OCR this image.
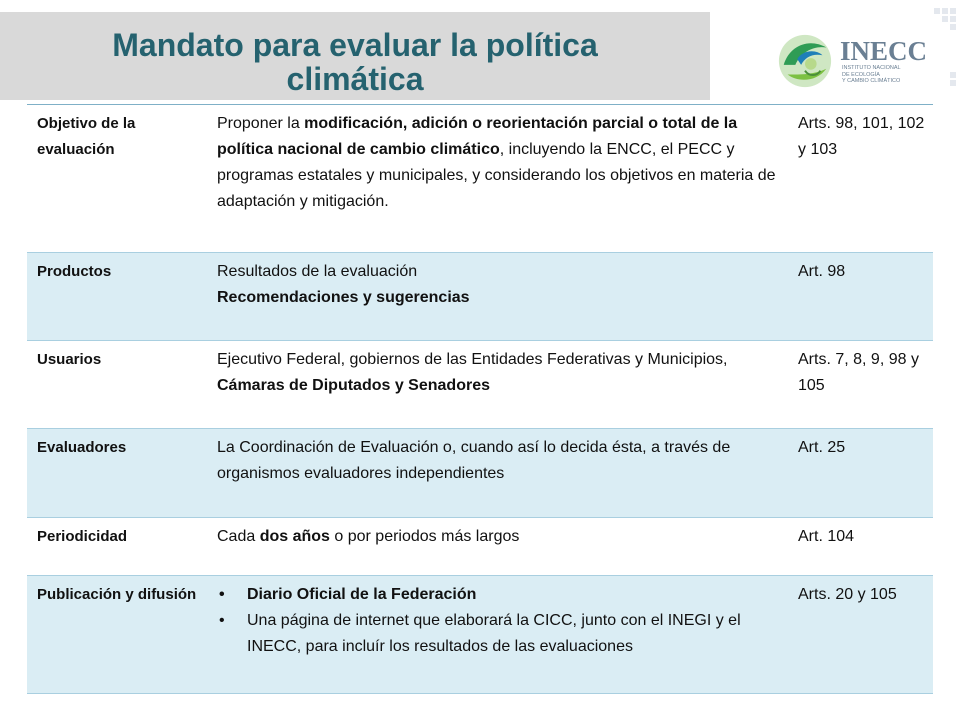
Mandato para evaluar la política
climática
INECC
INSTITUTO NACIONAL
DE ECOLOGÍA
Y CAMBIO CLIMÁTICO
Objetivo de la evaluación
Proponer la modificación, adición o reorientación parcial o total de la política nacional de cambio climático, incluyendo la ENCC, el PECC y programas estatales y municipales, y considerando los objetivos en materia de adaptación y mitigación.
Arts. 98, 101, 102 y 103
Productos	Resultados de la evaluación
Recomendaciones y sugerencias
Art. 98
Usuarios	Ejecutivo Federal, gobiernos de las Entidades Federativas y Municipios, Cámaras de Diputados y Senadores
Arts. 7, 8, 9, 98 y 105
Evaluadores	La Coordinación de Evaluación o, cuando así lo decida ésta, a través de organismos evaluadores independientes
Art. 25
Periodicidad	Cada dos años o por periodos más largos	Art. 104
Publicación y difusión
•	Diario Oficial de la Federación
• Una página de internet que elaborará la CICC, junto con el INEGI y el INECC, para incluír los resultados de las evaluaciones
Arts. 20 y 105
